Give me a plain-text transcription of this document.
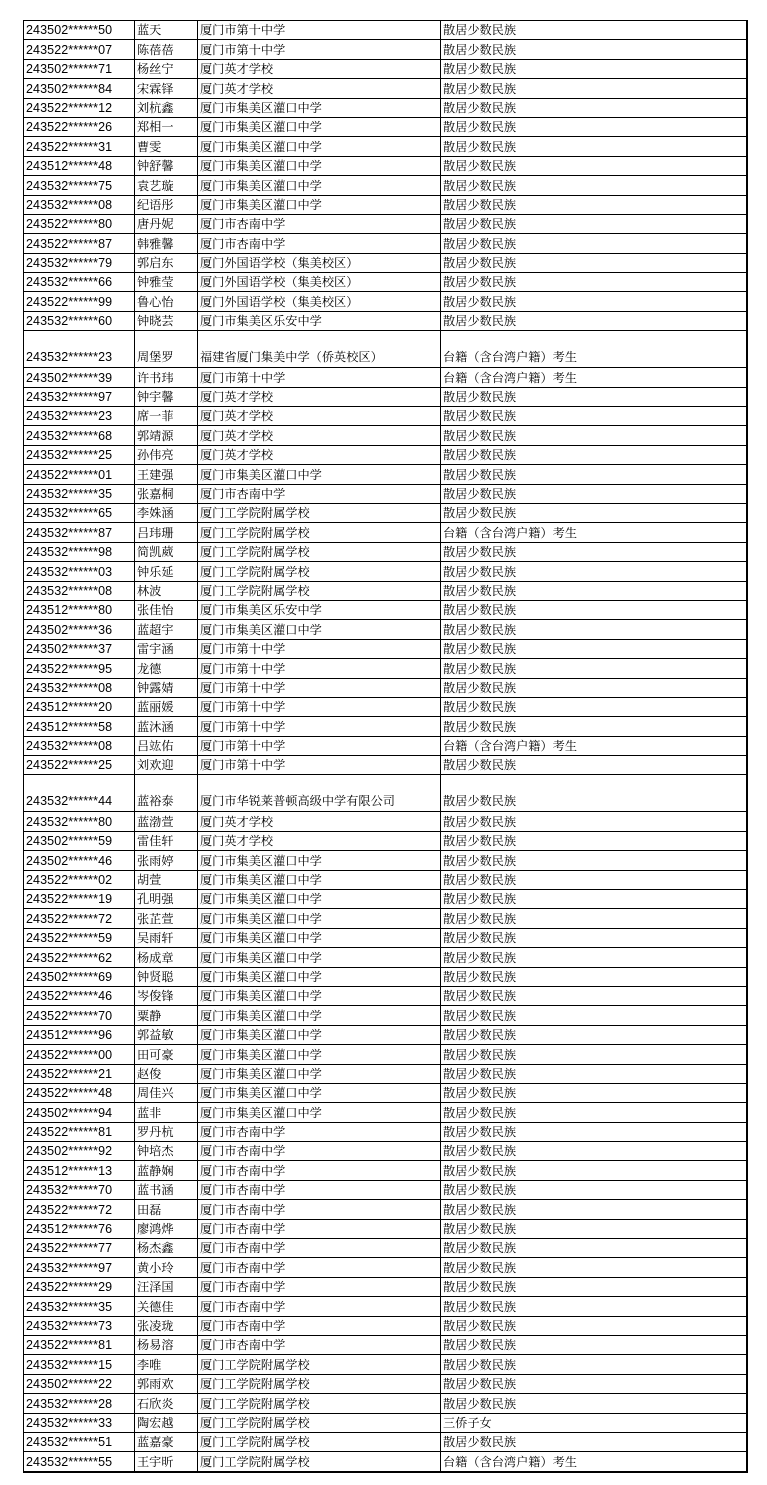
243502******50	蓝天	厦门市第十中学	散居少数民族
243522******07	陈蓓蓓	厦门市第十中学	散居少数民族
243502******71	杨丝宁	厦门英才学校	散居少数民族
243502******84	宋霖铎	厦门英才学校	散居少数民族
243522******12	刘杭鑫	厦门市集美区灌口中学	散居少数民族
243522******26	郑相一	厦门市集美区灌口中学	散居少数民族
243522******31	曹雯	厦门市集美区灌口中学	散居少数民族
243512******48	钟舒馨	厦门市集美区灌口中学	散居少数民族
243532******75	袁艺璇	厦门市集美区灌口中学	散居少数民族
243532******08	纪语彤	厦门市集美区灌口中学	散居少数民族
243522******80	唐丹妮	厦门市杏南中学	散居少数民族
243522******87	韩雅馨	厦门市杏南中学	散居少数民族
243532******79	郭启东	厦门外国语学校（集美校区）	散居少数民族
243532******66	钟雅莹	厦门外国语学校（集美校区）	散居少数民族
243522******99	鲁心怡	厦门外国语学校（集美校区）	散居少数民族
243532******60	钟晓芸	厦门市集美区乐安中学	散居少数民族
243532******23	周堡罗	福建省厦门集美中学（侨英校区）	台籍（含台湾户籍）考生
243502******39	许书玮	厦门市第十中学	台籍（含台湾户籍）考生
243532******97	钟宇馨	厦门英才学校	散居少数民族
243532******23	席一菲	厦门英才学校	散居少数民族
243532******68	郭靖源	厦门英才学校	散居少数民族
243532******25	孙伟亮	厦门英才学校	散居少数民族
243522******01	王建强	厦门市集美区灌口中学	散居少数民族
243532******35	张嘉桐	厦门市杏南中学	散居少数民族
243532******65	李姝涵	厦门工学院附属学校	散居少数民族
243532******87	吕玮珊	厦门工学院附属学校	台籍（含台湾户籍）考生
243532******98	简凯葳	厦门工学院附属学校	散居少数民族
243532******03	钟乐延	厦门工学院附属学校	散居少数民族
243532******08	林波	厦门工学院附属学校	散居少数民族
243512******80	张佳怡	厦门市集美区乐安中学	散居少数民族
243502******36	蓝超宇	厦门市集美区灌口中学	散居少数民族
243502******37	雷宇涵	厦门市第十中学	散居少数民族
243522******95	龙德	厦门市第十中学	散居少数民族
243532******08	钟露婧	厦门市第十中学	散居少数民族
243512******20	蓝丽媛	厦门市第十中学	散居少数民族
243512******58	蓝沐涵	厦门市第十中学	散居少数民族
243532******08	吕竑佑	厦门市第十中学	台籍（含台湾户籍）考生
243522******25	刘欢迎	厦门市第十中学	散居少数民族
243532******44	蓝裕泰	厦门市华锐莱普顿高级中学有限公司	散居少数民族
243532******80	蓝渤萱	厦门英才学校	散居少数民族
243502******59	雷佳轩	厦门英才学校	散居少数民族
243502******46	张雨婷	厦门市集美区灌口中学	散居少数民族
243522******02	胡萱	厦门市集美区灌口中学	散居少数民族
243522******19	孔明强	厦门市集美区灌口中学	散居少数民族
243522******72	张芷萱	厦门市集美区灌口中学	散居少数民族
243522******59	吴雨轩	厦门市集美区灌口中学	散居少数民族
243522******62	杨成章	厦门市集美区灌口中学	散居少数民族
243502******69	钟贤聪	厦门市集美区灌口中学	散居少数民族
243522******46	岑俊锋	厦门市集美区灌口中学	散居少数民族
243522******70	粟静	厦门市集美区灌口中学	散居少数民族
243512******96	郭益敏	厦门市集美区灌口中学	散居少数民族
243522******00	田可豪	厦门市集美区灌口中学	散居少数民族
243522******21	赵俊	厦门市集美区灌口中学	散居少数民族
243522******48	周佳兴	厦门市集美区灌口中学	散居少数民族
243502******94	蓝非	厦门市集美区灌口中学	散居少数民族
243522******81	罗丹杭	厦门市杏南中学	散居少数民族
243502******92	钟培杰	厦门市杏南中学	散居少数民族
243512******13	蓝静娴	厦门市杏南中学	散居少数民族
243532******70	蓝书涵	厦门市杏南中学	散居少数民族
243522******72	田磊	厦门市杏南中学	散居少数民族
243512******76	廖鸿烨	厦门市杏南中学	散居少数民族
243522******77	杨杰鑫	厦门市杏南中学	散居少数民族
243532******97	黄小玲	厦门市杏南中学	散居少数民族
243522******29	汪泽国	厦门市杏南中学	散居少数民族
243532******35	关德佳	厦门市杏南中学	散居少数民族
243532******73	张凌珑	厦门市杏南中学	散居少数民族
243522******81	杨易溶	厦门市杏南中学	散居少数民族
243532******15	李唯	厦门工学院附属学校	散居少数民族
243502******22	郭雨欢	厦门工学院附属学校	散居少数民族
243532******28	石欣炎	厦门工学院附属学校	散居少数民族
243532******33	陶宏越	厦门工学院附属学校	三侨子女
243532******51	蓝嘉豪	厦门工学院附属学校	散居少数民族
243532******55	王宇昕	厦门工学院附属学校	台籍（含台湾户籍）考生
